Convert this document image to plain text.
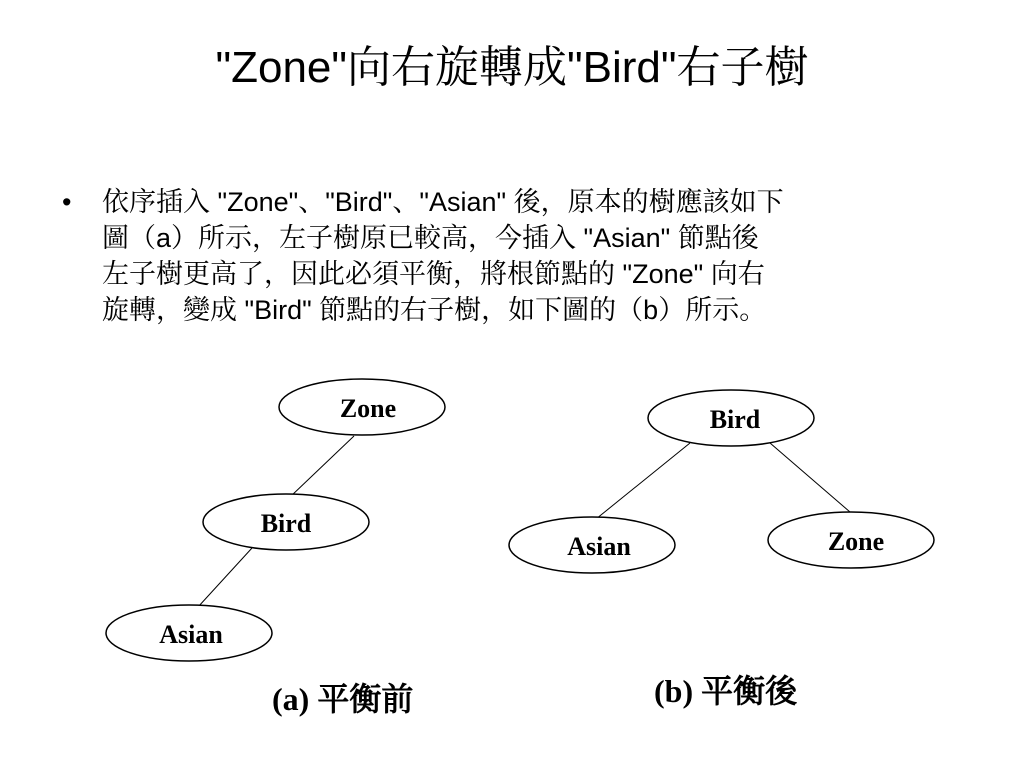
"Zone"向右旋轉成"Bird"右子樹
• 依序插入 "Zone"、"Bird"、"Asian" 後，原本的樹應該如下
圖（a）所示，左子樹原已較高，今插入 "Asian" 節點後
左子樹更高了，因此必須平衡，將根節點的 "Zone" 向右
旋轉，變成 "Bird" 節點的右子樹，如下圖的（b）所示。
Zone
Bird
Asian
Bird
Asian	Zone
(a) 平衡前	(b) 平衡後
